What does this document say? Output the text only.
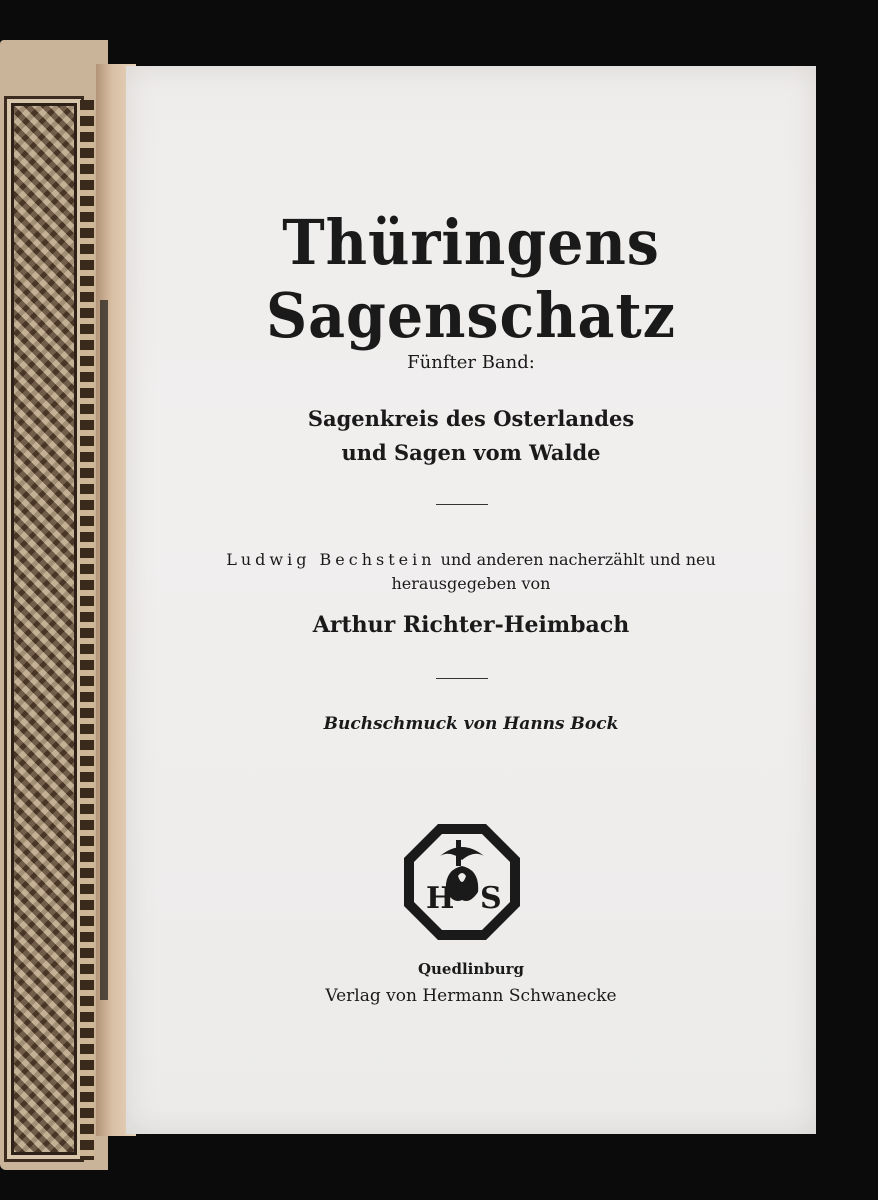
Thüringens Sagenschatz
Fünfter Band:
Sagenkreis des Osterlandes
und Sagen vom Walde
Ludwig Bechstein und anderen nacherzählt und neu
herausgegeben von
Arthur Richter-Heimbach
Buchschmuck von Hanns Bock
H S
Quedlinburg
Verlag von Hermann Schwanecke
